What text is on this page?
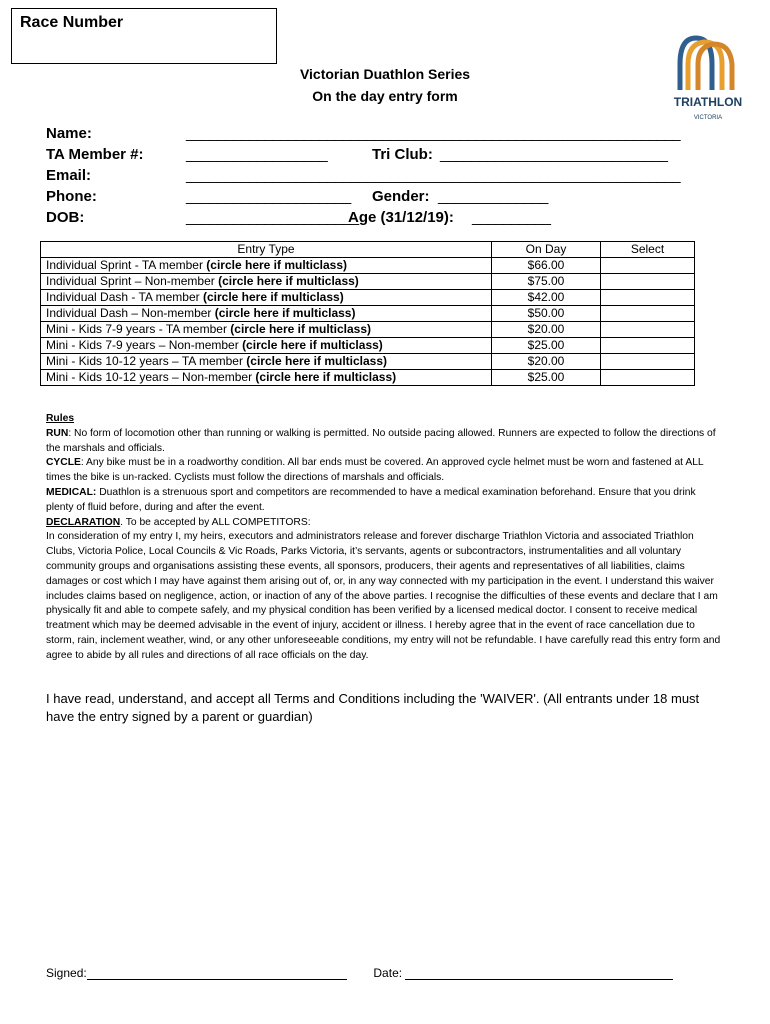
Race Number
TRIATHLON
VICTORIA
Victorian Duathlon Series
On the day entry form
Name:	_______________________________________________________________
TA Member #:	__________________	Tri Club: _____________________________
Email:	_______________________________________________________________
Phone:	_____________________ Gender: ______________
DOB:	______________________
Age (31/12/19): __________
Entry Type	On Day	Select
Individual Sprint - TA member (circle here if multiclass)	$66.00	
Individual Sprint – Non-member (circle here if multiclass)	$75.00	
Individual Dash - TA member (circle here if multiclass)	$42.00	
Individual Dash – Non-member (circle here if multiclass)	$50.00	
Mini - Kids 7-9 years - TA member (circle here if multiclass)	$20.00	
Mini - Kids 7-9 years – Non-member (circle here if multiclass)	$25.00	
Mini - Kids 10-12 years – TA member (circle here if multiclass)	$20.00	
Mini - Kids 10-12 years – Non-member (circle here if multiclass)	$25.00	

Rules

RUN: No form of locomotion other than running or walking is permitted. No outside pacing allowed. Runners are expected to follow the directions of the marshals and officials.

CYCLE: Any bike must be in a roadworthy condition. All bar ends must be covered. An approved cycle helmet must be worn and fastened at ALL times the bike is un-racked. Cyclists must follow the directions of marshals and officials.

MEDICAL: Duathlon is a strenuous sport and competitors are recommended to have a medical examination beforehand. Ensure that you drink plenty of fluid before, during and after the event.

DECLARATION. To be accepted by ALL COMPETITORS:

In consideration of my entry I, my heirs, executors and administrators release and forever discharge Triathlon Victoria and associated Triathlon Clubs, Victoria Police, Local Councils & Vic Roads, Parks Victoria, it’s servants, agents or subcontractors, instrumentalities and all voluntary community groups and organisations assisting these events, all sponsors, producers, their agents and representatives of all liabilities, claims damages or cost which I may have against them arising out of, or, in any way connected with my participation in the event. I understand this waiver includes claims based on negligence, action, or inaction of any of the above parties. I recognise the difficulties of these events and declare that I am physically fit and able to compete safely, and my physical condition has been verified by a licensed medical doctor. I consent to receive medical treatment which may be deemed advisable in the event of injury, accident or illness. I hereby agree that in the event of race cancellation due to storm, rain, inclement weather, wind, or any other unforeseeable conditions, my entry will not be refundable. I have carefully read this entry form and agree to abide by all rules and directions of all race officials on the day.

I have read, understand, and accept all Terms and Conditions including the 'WAIVER'. (All entrants under 18 must have the entry signed by a parent or guardian)
Signed:	Date:
